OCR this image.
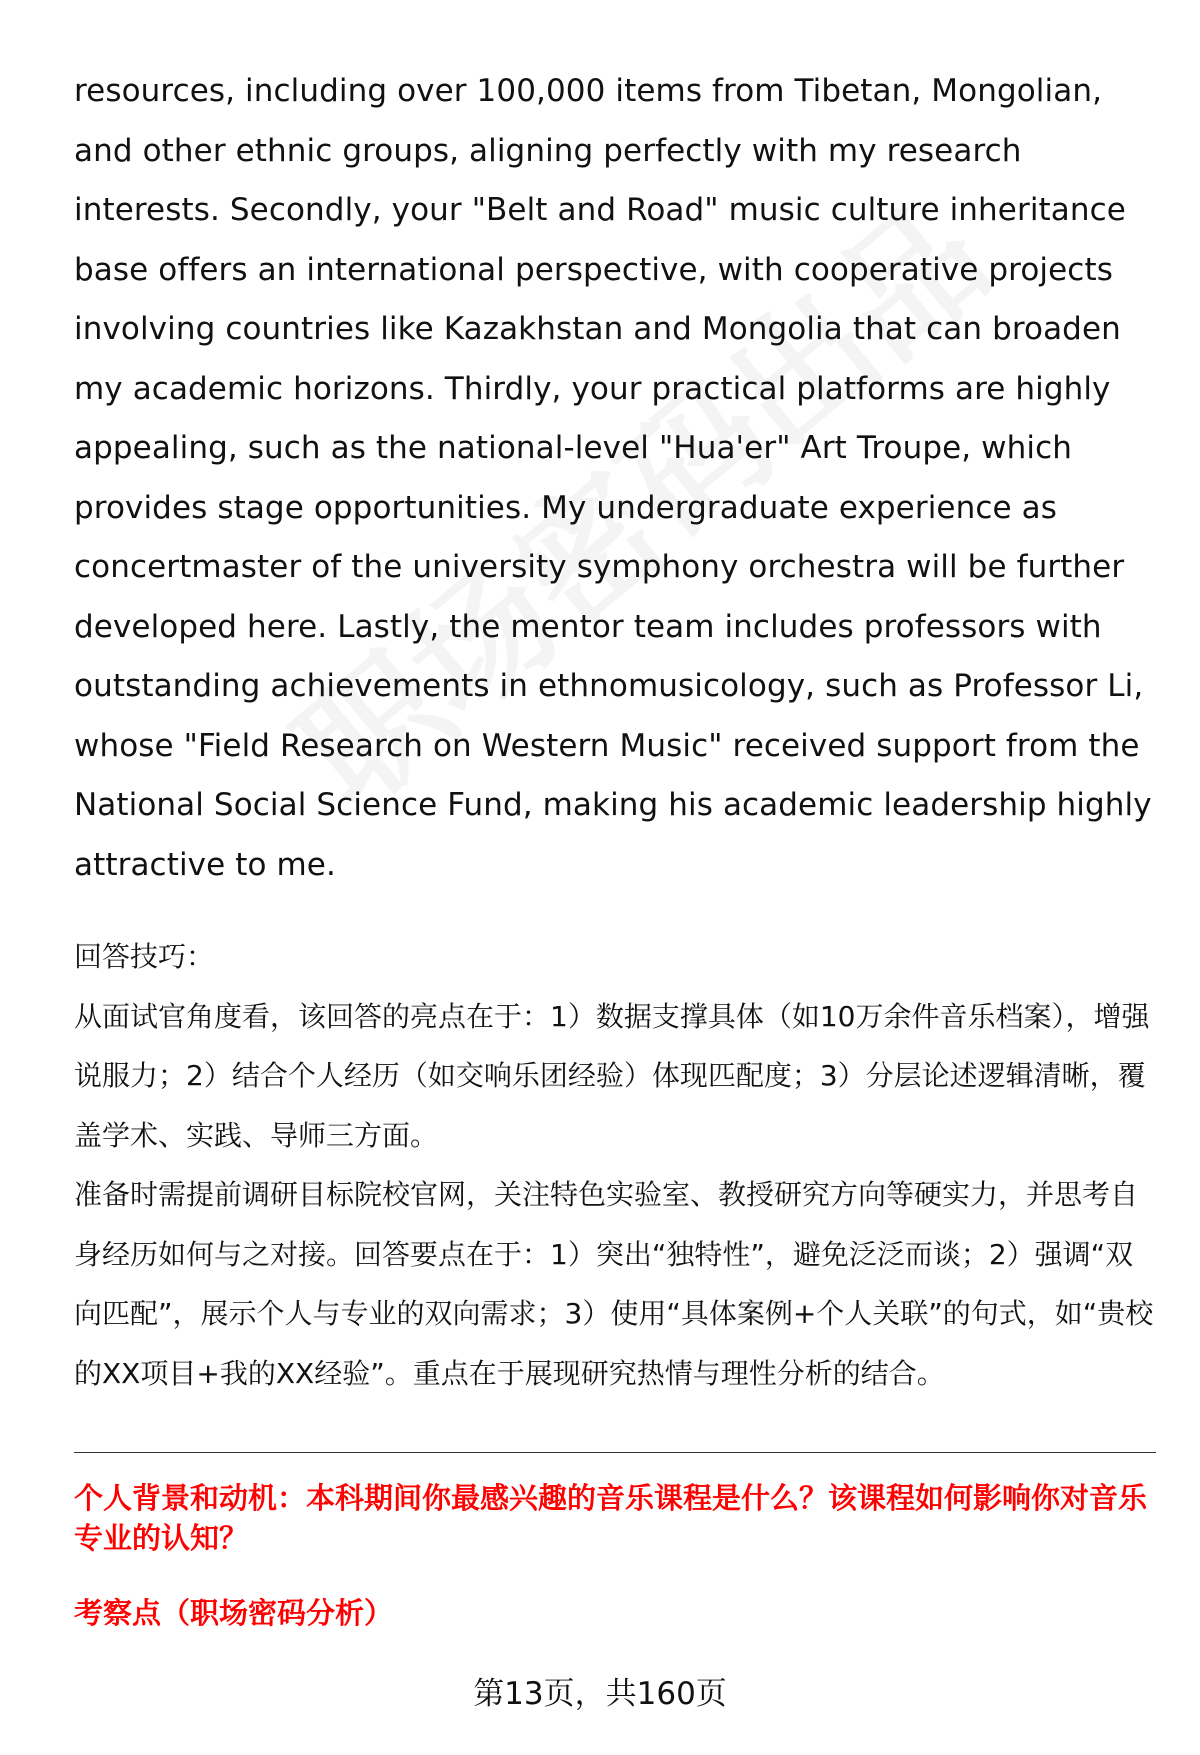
resources, including over 100,000 items from Tibetan, Mongolian, and other ethnic groups, aligning perfectly with my research interests. Secondly, your "Belt and Road" music culture inheritance base offers an international perspective, with cooperative projects involving countries like Kazakhstan and Mongolia that can broaden my academic horizons. Thirdly, your practical platforms are highly appealing, such as the national-level "Hua'er" Art Troupe, which provides stage opportunities. My undergraduate experience as concertmaster of the university symphony orchestra will be further developed here. Lastly, the mentor team includes professors with outstanding achievements in ethnomusicology, such as Professor Li, whose "Field Research on Western Music" received support from the National Social Science Fund, making his academic leadership highly attractive to me.

回答技巧：

从面试官角度看，该回答的亮点在于：1）数据支撑具体（如10万余件音乐档案），增强说服力；2）结合个人经历（如交响乐团经验）体现匹配度；3）分层论述逻辑清晰，覆盖学术、实践、导师三方面。

准备时需提前调研目标院校官网，关注特色实验室、教授研究方向等硬实力，并思考自身经历如何与之对接。回答要点在于：1）突出“独特性”，避免泛泛而谈；2）强调“双向匹配”，展示个人与专业的双向需求；3）使用“具体案例+个人关联”的句式，如“贵校的XX项目+我的XX经验”。重点在于展现研究热情与理性分析的结合。

个人背景和动机：本科期间你最感兴趣的音乐课程是什么？该课程如何影响你对音乐专业的认知？
考察点（职场密码分析）
第13页，共160页
